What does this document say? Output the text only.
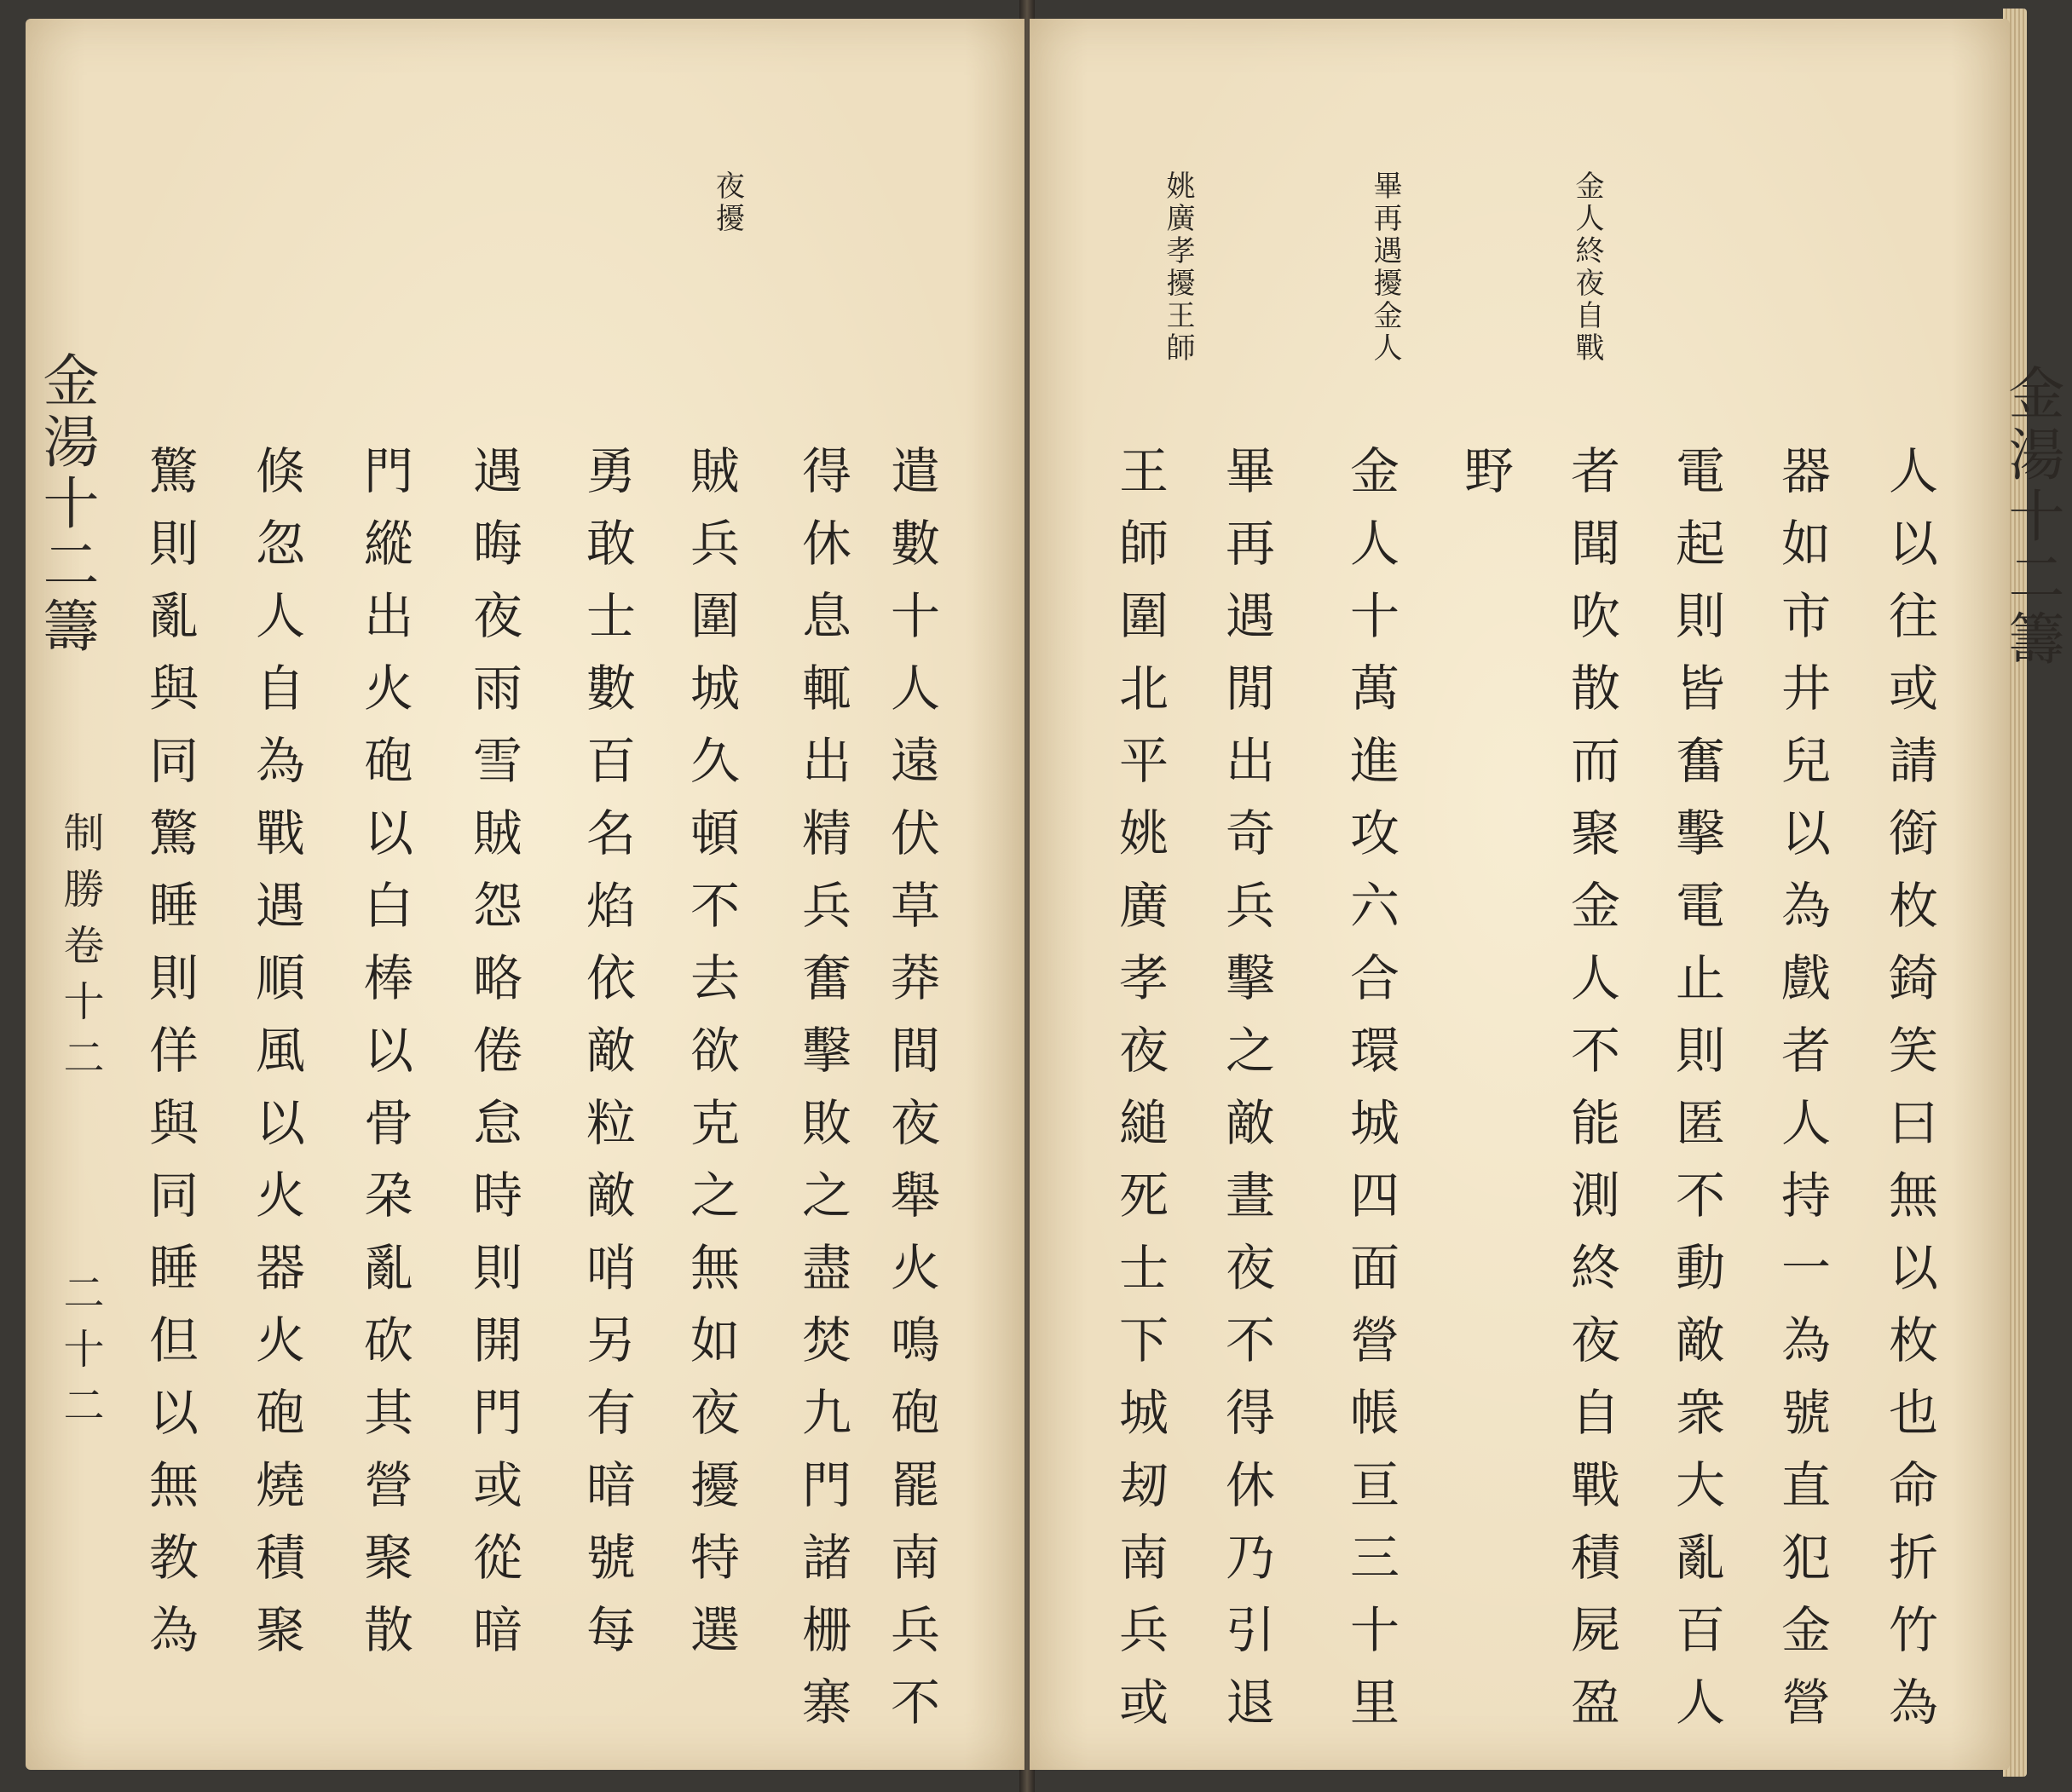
夜擾
遣數十人遠伏草莽間夜舉火鳴砲罷南兵不
得休息輒出精兵奮擊敗之盡焚九門諸栅寨
賊兵圍城久頓不去欲克之無如夜擾特選
勇敢士數百名焰依敵粒敵哨另有暗號每
遇晦夜雨雪賊怨略倦怠時則開門或從暗
門縱出火砲以白棒以骨朶亂砍其營聚散
倏忽人自為戰遇順風以火器火砲燒積聚
驚則亂與同驚睡則佯與同睡但以無教為
金湯十二籌
制勝卷十二
二十二
金人終夜自戰
畢再遇擾金人
姚廣孝擾王師
人以往或請銜枚錡笑曰無以枚也命折竹為
器如市井兒以為戲者人持一為號直犯金營
電起則皆奮擊電止則匿不動敵衆大亂百人
者聞吹散而聚金人不能測終夜自戰積屍盈
野
金人十萬進攻六合環城四面營帳亘三十里
畢再遇閒出奇兵擊之敵晝夜不得休乃引退
王師圍北平姚廣孝夜縋死士下城刼南兵或	金湯十二籌
